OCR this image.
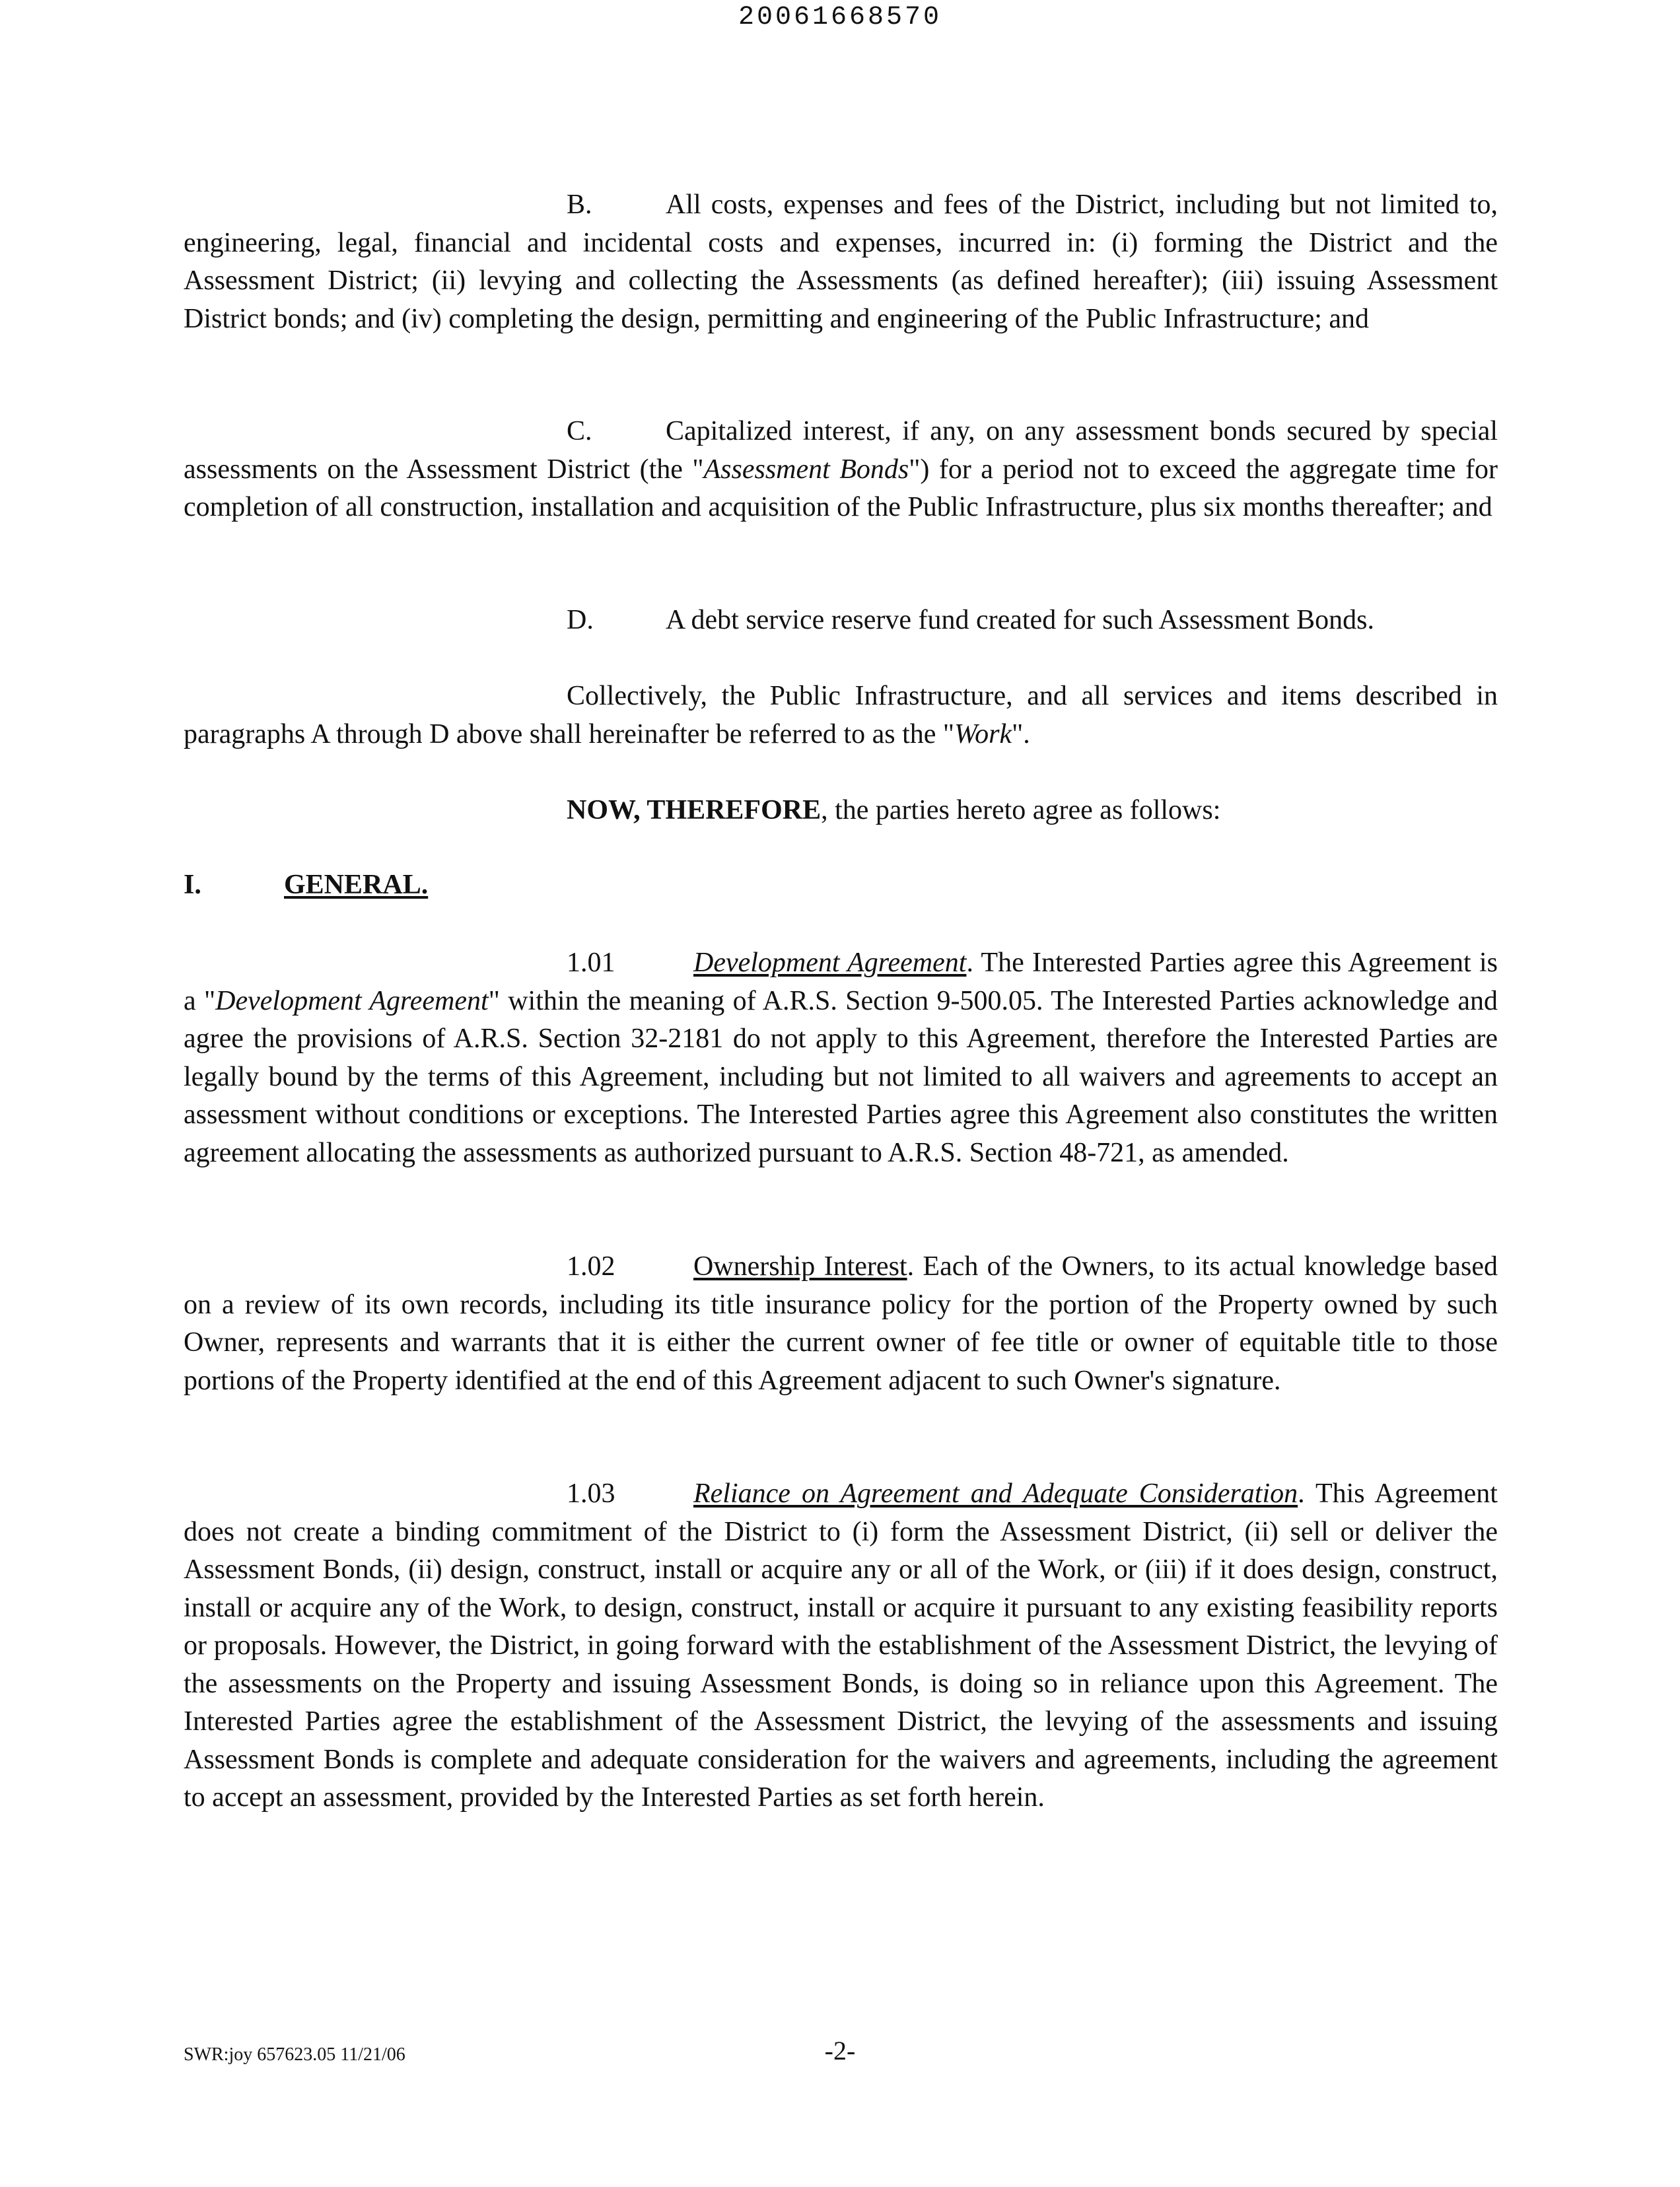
20061668570
B.	All costs, expenses and fees of the District, including but not limited to, engineering, legal, financial and incidental costs and expenses, incurred in: (i) forming the District and the Assessment District; (ii) levying and collecting the Assessments (as defined hereafter); (iii) issuing Assessment District bonds; and (iv) completing the design, permitting and engineering of the Public Infrastructure; and
C.	Capitalized interest, if any, on any assessment bonds secured by special assessments on the Assessment District (the "Assessment Bonds") for a period not to exceed the aggregate time for completion of all construction, installation and acquisition of the Public Infrastructure, plus six months thereafter; and
D.	A debt service reserve fund created for such Assessment Bonds.
Collectively, the Public Infrastructure, and all services and items described in paragraphs A through D above shall hereinafter be referred to as the "Work".
NOW, THEREFORE, the parties hereto agree as follows:
I.	GENERAL.
1.01	Development Agreement. The Interested Parties agree this Agreement is a "Development Agreement" within the meaning of A.R.S. Section 9-500.05. The Interested Parties acknowledge and agree the provisions of A.R.S. Section 32-2181 do not apply to this Agreement, therefore the Interested Parties are legally bound by the terms of this Agreement, including but not limited to all waivers and agreements to accept an assessment without conditions or exceptions. The Interested Parties agree this Agreement also constitutes the written agreement allocating the assessments as authorized pursuant to A.R.S. Section 48-721, as amended.
1.02	Ownership Interest. Each of the Owners, to its actual knowledge based on a review of its own records, including its title insurance policy for the portion of the Property owned by such Owner, represents and warrants that it is either the current owner of fee title or owner of equitable title to those portions of the Property identified at the end of this Agreement adjacent to such Owner's signature.
1.03	Reliance on Agreement and Adequate Consideration. This Agreement does not create a binding commitment of the District to (i) form the Assessment District, (ii) sell or deliver the Assessment Bonds, (ii) design, construct, install or acquire any or all of the Work, or (iii) if it does design, construct, install or acquire any of the Work, to design, construct, install or acquire it pursuant to any existing feasibility reports or proposals. However, the District, in going forward with the establishment of the Assessment District, the levying of the assessments on the Property and issuing Assessment Bonds, is doing so in reliance upon this Agreement. The Interested Parties agree the establishment of the Assessment District, the levying of the assessments and issuing Assessment Bonds is complete and adequate consideration for the waivers and agreements, including the agreement to accept an assessment, provided by the Interested Parties as set forth herein.
SWR:joy 657623.05 11/21/06	-2-
